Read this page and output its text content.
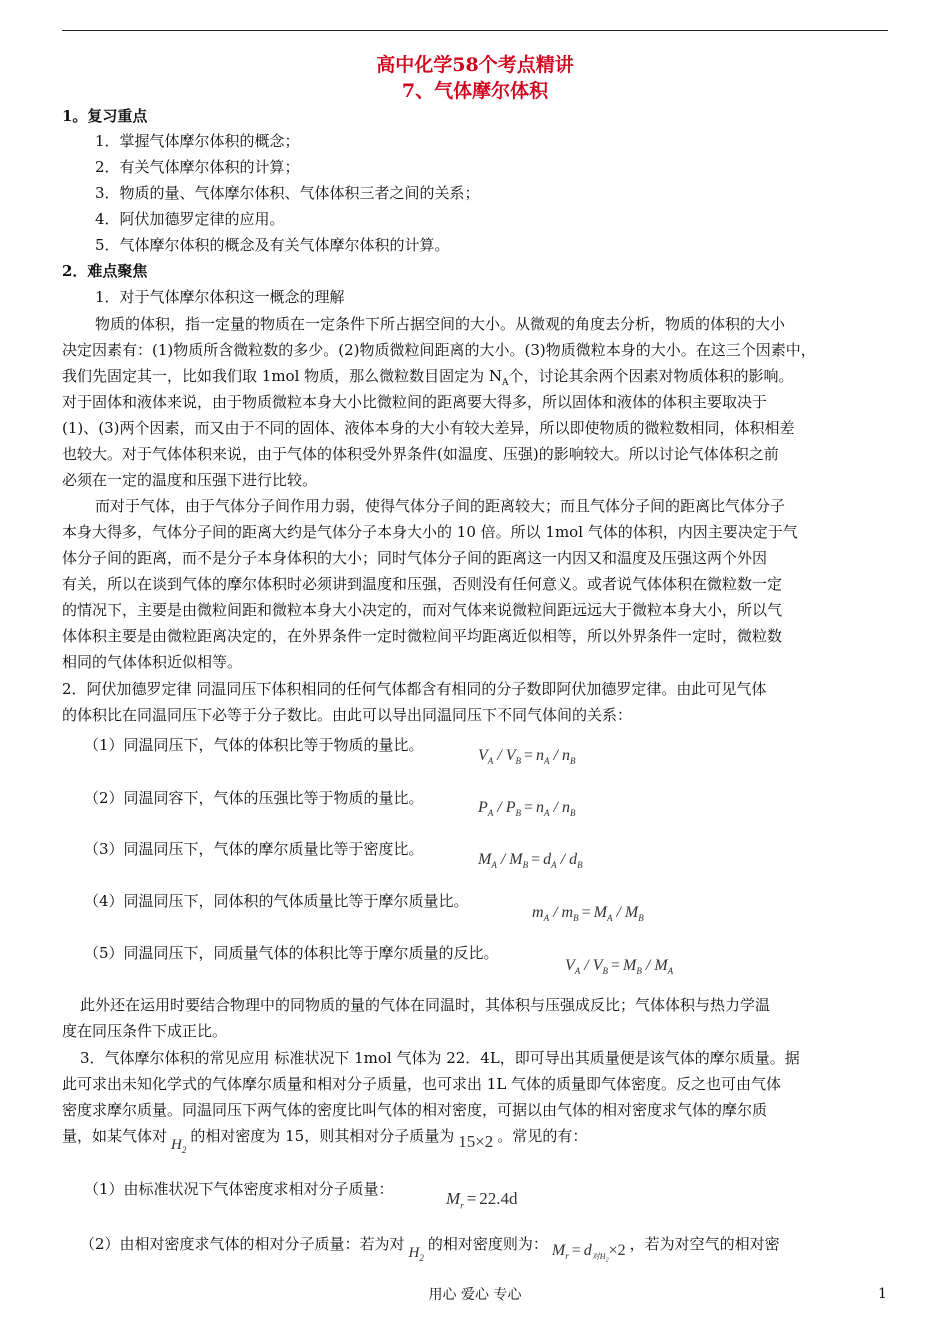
高中化学58个考点精讲
7、气体摩尔体积
1。复习重点
1．掌握气体摩尔体积的概念；
2．有关气体摩尔体积的计算；
3．物质的量、气体摩尔体积、气体体积三者之间的关系；
4．阿伏加德罗定律的应用。
5．气体摩尔体积的概念及有关气体摩尔体积的计算。
2．难点聚焦
1．对于气体摩尔体积这一概念的理解
物质的体积，指一定量的物质在一定条件下所占据空间的大小。从微观的角度去分析，物质的体积的大小
决定因素有：(1)物质所含微粒数的多少。(2)物质微粒间距离的大小。(3)物质微粒本身的大小。在这三个因素中，
我们先固定其一，比如我们取 1mol 物质，那么微粒数目固定为 $N_A$个，讨论其余两个因素对物质体积的影响。
对于固体和液体来说，由于物质微粒本身大小比微粒间的距离要大得多，所以固体和液体的体积主要取决于
(1)、(3)两个因素，而又由于不同的固体、液体本身的大小有较大差异，所以即使物质的微粒数相同，体积相差
也较大。对于气体体积来说，由于气体的体积受外界条件(如温度、压强)的影响较大。所以讨论气体体积之前
必须在一定的温度和压强下进行比较。
而对于气体，由于气体分子间作用力弱，使得气体分子间的距离较大；而且气体分子间的距离比气体分子
本身大得多，气体分子间的距离大约是气体分子本身大小的 10 倍。所以 1mol 气体的体积，内因主要决定于气
体分子间的距离，而不是分子本身体积的大小；同时气体分子间的距离这一内因又和温度及压强这两个外因
有关，所以在谈到气体的摩尔体积时必须讲到温度和压强，否则没有任何意义。或者说气体体积在微粒数一定
的情况下，主要是由微粒间距和微粒本身大小决定的，而对气体来说微粒间距远远大于微粒本身大小，所以气
体体积主要是由微粒距离决定的，在外界条件一定时微粒间平均距离近似相等，所以外界条件一定时，微粒数
相同的气体体积近似相等。
2．阿伏加德罗定律 同温同压下体积相同的任何气体都含有相同的分子数即阿伏加德罗定律。由此可见气体
的体积比在同温同压下必等于分子数比。由此可以导出同温同压下不同气体间的关系：
（1）同温同压下，气体的体积比等于物质的量比。
$V_A / V_B = n_A / n_B$
（2）同温同容下，气体的压强比等于物质的量比。
$P_A / P_B = n_A / n_B$
（3）同温同压下，气体的摩尔质量比等于密度比。
$M_A / M_B = d_A / d_B$
（4）同温同压下，同体积的气体质量比等于摩尔质量比。
$m_A / m_B = M_A / M_B$
（5）同温同压下，同质量气体的体积比等于摩尔质量的反比。
$V_A / V_B = M_B / M_A$
此外还在运用时要结合物理中的同物质的量的气体在同温时，其体积与压强成反比；气体体积与热力学温
度在同压条件下成正比。
3．气体摩尔体积的常见应用 标准状况下 1mol 气体为 22．4L，即可导出其质量便是该气体的摩尔质量。据
此可求出未知化学式的气体摩尔质量和相对分子质量，也可求出 1L 气体的质量即气体密度。反之也可由气体
密度求摩尔质量。同温同压下两气体的密度比叫气体的相对密度，可据以由气体的相对密度求气体的摩尔质
量，如某气体对 $H_2$的相对密度为 15，则其相对分子质量为 15×2 。常见的有：
（1）由标准状况下气体密度求相对分子质量：	$M_r = 22.4d$
（2）由相对密度求气体的相对分子质量：若为对 $H_2$的相对密度则为： $M_r = d_{对H_2}\times 2$ ，若为对空气的相对密
用心 爱心 专心	1
